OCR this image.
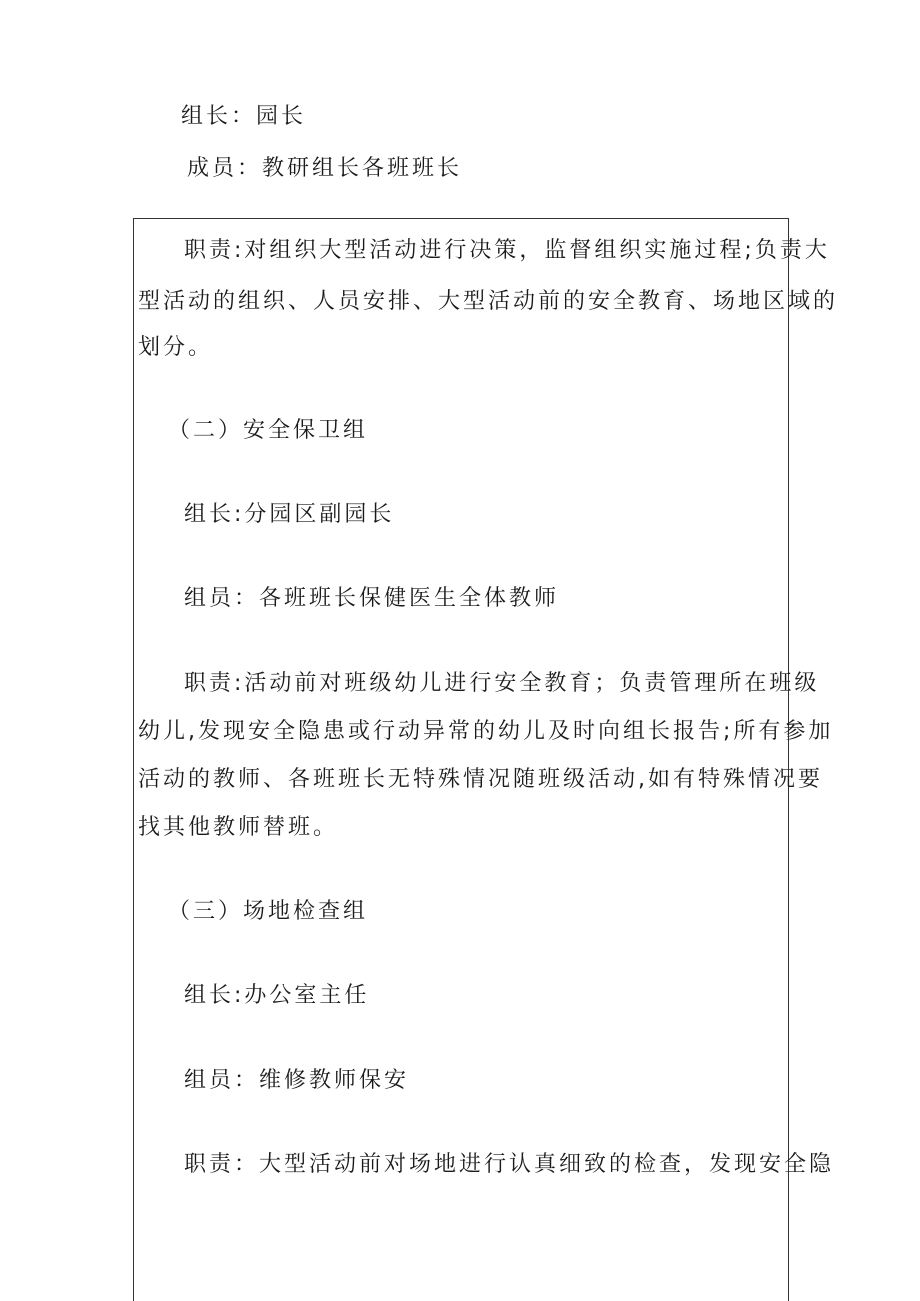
组长：园长

成员：教研组长各班班长

职责:对组织大型活动进行决策，监督组织实施过程;负责大

型活动的组织、人员安排、大型活动前的安全教育、场地区域的

划分。

（二）安全保卫组

组长:分园区副园长

组员：各班班长保健医生全体教师

职责:活动前对班级幼儿进行安全教育；负责管理所在班级

幼儿,发现安全隐患或行动异常的幼儿及时向组长报告;所有参加

活动的教师、各班班长无特殊情况随班级活动,如有特殊情况要

找其他教师替班。

（三）场地检查组

组长:办公室主任

组员：维修教师保安

职责：大型活动前对场地进行认真细致的检查，发现安全隐
